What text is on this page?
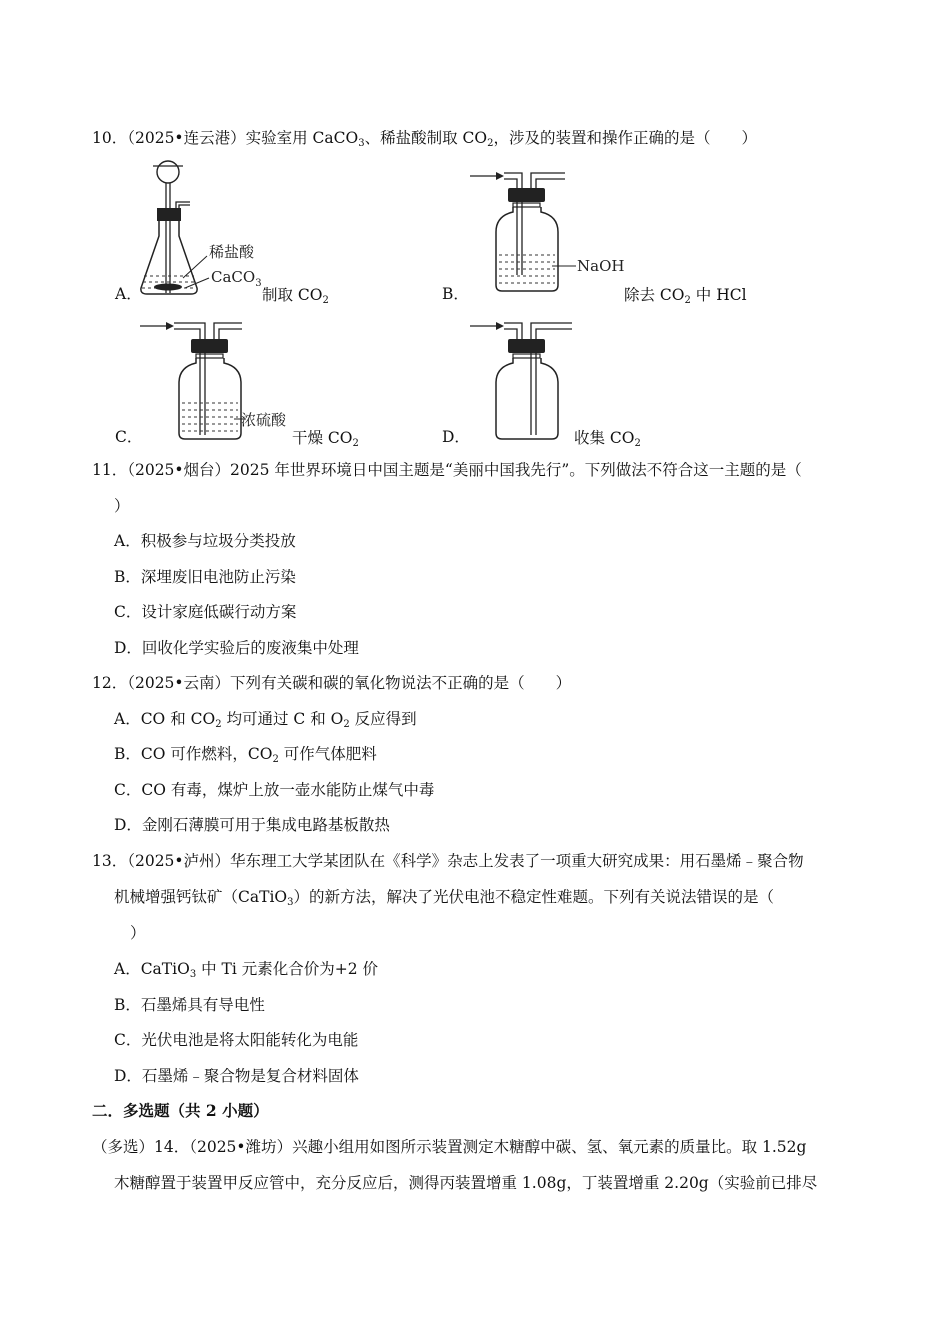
10．（2025•连云港）实验室用 CaCO$_3$、稀盐酸制取 $CO_2$，涉及的装置和操作正确的是（　　）
稀盐酸
CaCO$_3$
A．	制取 $CO_2$
NaOH
B．	除去 $CO_2$ 中 HCl
浓硫酸
C．	干燥 $CO_2$	D．	收集 $CO_2$
11．（2025•烟台）2025 年世界环境日中国主题是“美丽中国我先行”。下列做法不符合这一主题的是（
）
A．积极参与垃圾分类投放
B．深埋废旧电池防止污染
C．设计家庭低碳行动方案
D．回收化学实验后的废液集中处理
12．（2025•云南）下列有关碳和碳的氧化物说法不正确的是（　　）
A．CO 和 $CO_2$ 均可通过 C 和 $O_2$ 反应得到
B．CO 可作燃料，$CO_2$ 可作气体肥料
C．CO 有毒，煤炉上放一壶水能防止煤气中毒
D．金刚石薄膜可用于集成电路基板散热
13．（2025•泸州）华东理工大学某团队在《科学》杂志上发表了一项重大研究成果：用石墨烯﹣聚合物
机械增强钙钛矿（CaTiO$_3$）的新方法，解决了光伏电池不稳定性难题。下列有关说法错误的是（
）
A．CaTiO$_3$ 中 Ti 元素化合价为+2 价
B．石墨烯具有导电性
C．光伏电池是将太阳能转化为电能
D．石墨烯﹣聚合物是复合材料固体
二．多选题（共 2 小题）
（多选）14．（2025•潍坊）兴趣小组用如图所示装置测定木糖醇中碳、氢、氧元素的质量比。取 1.52g
木糖醇置于装置甲反应管中，充分反应后，测得丙装置增重 1.08g，丁装置增重 2.20g（实验前已排尽
